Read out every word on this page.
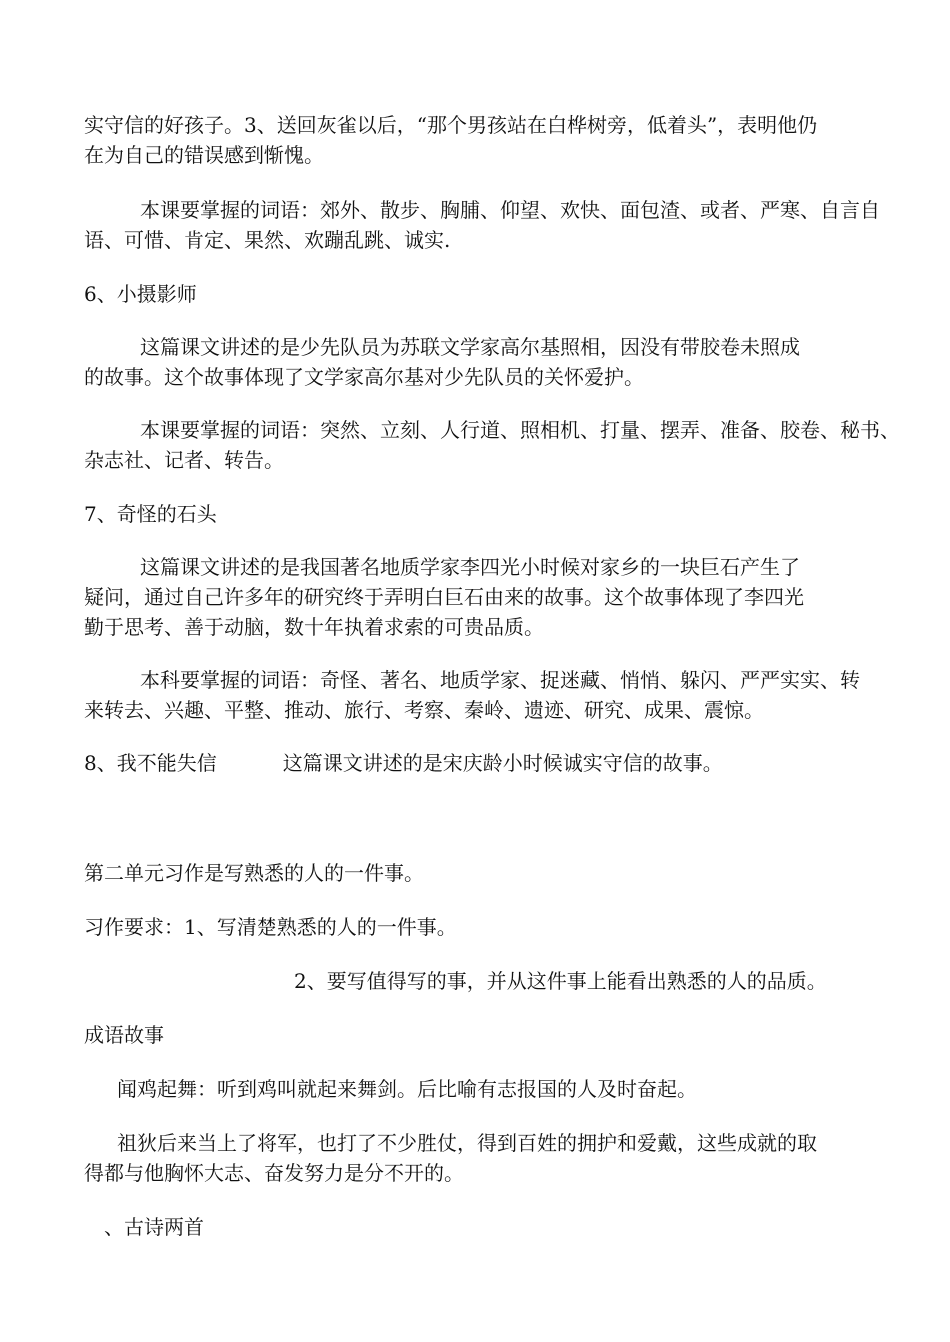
实守信的好孩子。3、送回灰雀以后，“那个男孩站在白桦树旁，低着头”，表明他仍
在为自己的错误感到惭愧。
本课要掌握的词语：郊外、散步、胸脯、仰望、欢快、面包渣、或者、严寒、自言自
语、可惜、肯定、果然、欢蹦乱跳、诚实.
6、小摄影师
这篇课文讲述的是少先队员为苏联文学家高尔基照相，因没有带胶卷未照成
的故事。这个故事体现了文学家高尔基对少先队员的关怀爱护。
本课要掌握的词语：突然、立刻、人行道、照相机、打量、摆弄、准备、胶卷、秘书、
杂志社、记者、转告。
7、奇怪的石头
这篇课文讲述的是我国著名地质学家李四光小时候对家乡的一块巨石产生了
疑问，通过自己许多年的研究终于弄明白巨石由来的故事。这个故事体现了李四光
勤于思考、善于动脑，数十年执着求索的可贵品质。
本科要掌握的词语：奇怪、著名、地质学家、捉迷藏、悄悄、躲闪、严严实实、转
来转去、兴趣、平整、推动、旅行、考察、秦岭、遗迹、研究、成果、震惊。
8、我不能失信	这篇课文讲述的是宋庆龄小时候诚实守信的故事。
第二单元习作是写熟悉的人的一件事。
习作要求：1、写清楚熟悉的人的一件事。
2、要写值得写的事，并从这件事上能看出熟悉的人的品质。
成语故事
闻鸡起舞：听到鸡叫就起来舞剑。后比喻有志报国的人及时奋起。
祖狄后来当上了将军，也打了不少胜仗，得到百姓的拥护和爱戴，这些成就的取
得都与他胸怀大志、奋发努力是分不开的。
、古诗两首
